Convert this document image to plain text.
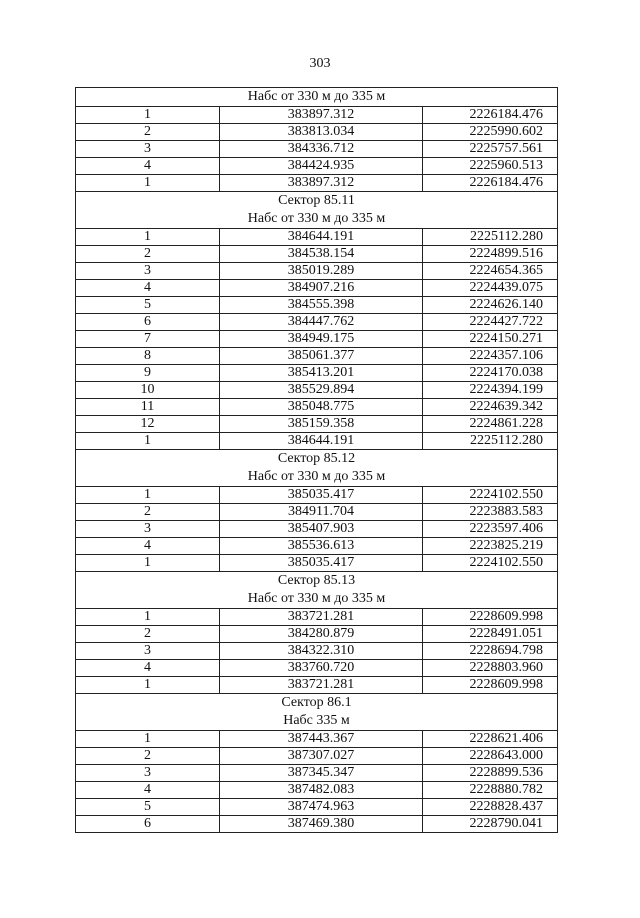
303
Набс от 330 м до 335 м		

1	383897.312	2226184.476
2	383813.034	2225990.602
3	384336.712	2225757.561
4	384424.935	2225960.513
1	383897.312	2226184.476

Сектор 85.11
Набс от 330 м до 335 м		

1	384644.191	2225112.280
2	384538.154	2224899.516
3	385019.289	2224654.365
4	384907.216	2224439.075
5	384555.398	2224626.140
6	384447.762	2224427.722
7	384949.175	2224150.271
8	385061.377	2224357.106
9	385413.201	2224170.038
10	385529.894	2224394.199
11	385048.775	2224639.342
12	385159.358	2224861.228
1	384644.191	2225112.280

Сектор 85.12
Набс от 330 м до 335 м		

1	385035.417	2224102.550
2	384911.704	2223883.583
3	385407.903	2223597.406
4	385536.613	2223825.219
1	385035.417	2224102.550

Сектор 85.13
Набс от 330 м до 335 м		

1	383721.281	2228609.998
2	384280.879	2228491.051
3	384322.310	2228694.798
4	383760.720	2228803.960
1	383721.281	2228609.998

Сектор 86.1
Набс 335 м		

1	387443.367	2228621.406
2	387307.027	2228643.000
3	387345.347	2228899.536
4	387482.083	2228880.782
5	387474.963	2228828.437
6	387469.380	2228790.041
